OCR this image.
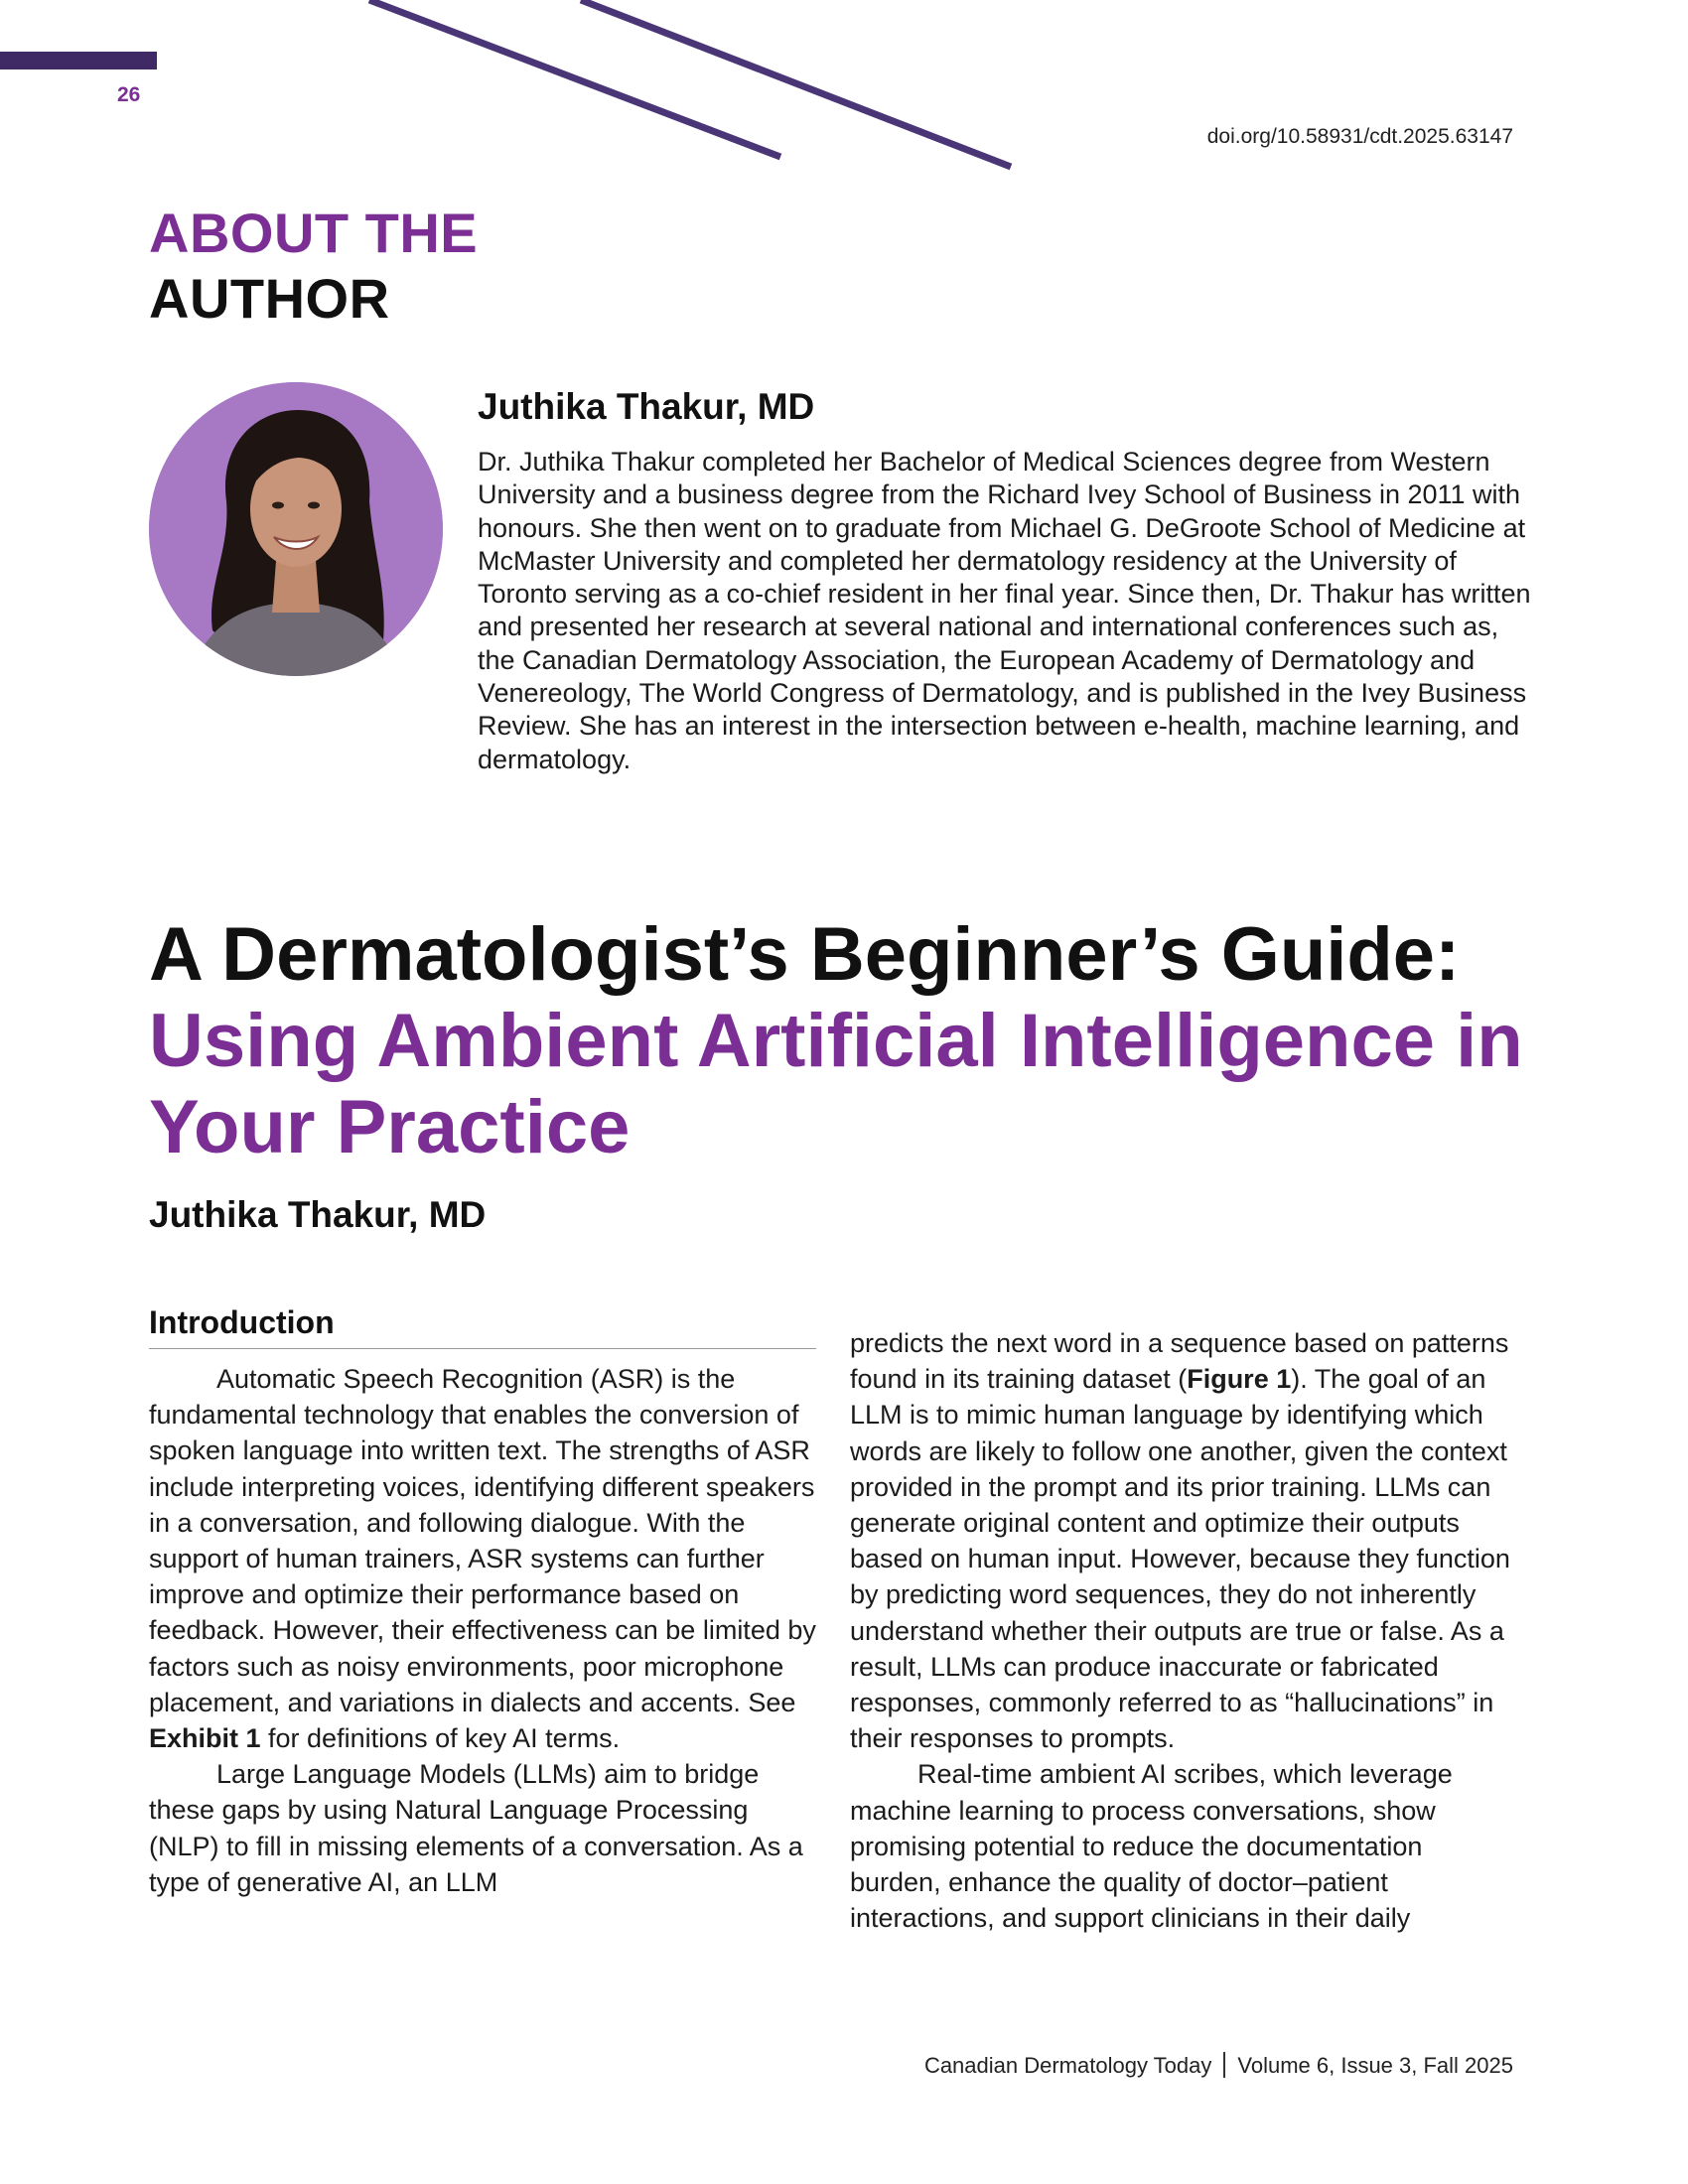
26
doi.org/10.58931/cdt.2025.63147
ABOUT THE
AUTHOR
Juthika Thakur, MD

Dr. Juthika Thakur completed her Bachelor of Medical Sciences degree from Western University and a business degree from the Richard Ivey School of Business in 2011 with honours. She then went on to graduate from Michael G. DeGroote School of Medicine at McMaster University and completed her dermatology residency at the University of Toronto serving as a co-chief resident in her final year. Since then, Dr. Thakur has written and presented her research at several national and international conferences such as, the Canadian Dermatology Association, the European Academy of Dermatology and Venereology, The World Congress of Dermatology, and is published in the Ivey Business Review. She has an interest in the intersection between e-health, machine learning, and dermatology.

A Dermatologist’s Beginner’s Guide:
Using Ambient Artificial Intelligence in Your Practice
Juthika Thakur, MD
Introduction

Automatic Speech Recognition (ASR) is the fundamental technology that enables the conversion of spoken language into written text. The strengths of ASR include interpreting voices, identifying different speakers in a conversation, and following dialogue. With the support of human trainers, ASR systems can further improve and optimize their performance based on feedback. However, their effectiveness can be limited by factors such as noisy environments, poor microphone placement, and variations in dialects and accents. See Exhibit 1 for definitions of key AI terms.

Large Language Models (LLMs) aim to bridge these gaps by using Natural Language Processing (NLP) to fill in missing elements of a conversation. As a type of generative AI, an LLM

predicts the next word in a sequence based on patterns found in its training dataset (Figure 1). The goal of an LLM is to mimic human language by identifying which words are likely to follow one another, given the context provided in the prompt and its prior training. LLMs can generate original content and optimize their outputs based on human input. However, because they function by predicting word sequences, they do not inherently understand whether their outputs are true or false. As a result, LLMs can produce inaccurate or fabricated responses, commonly referred to as “hallucinations” in their responses to prompts.

Real-time ambient AI scribes, which leverage machine learning to process conversations, show promising potential to reduce the documentation burden, enhance the quality of doctor–patient interactions, and support clinicians in their daily

Canadian Dermatology Today Volume 6, Issue 3, Fall 2025
